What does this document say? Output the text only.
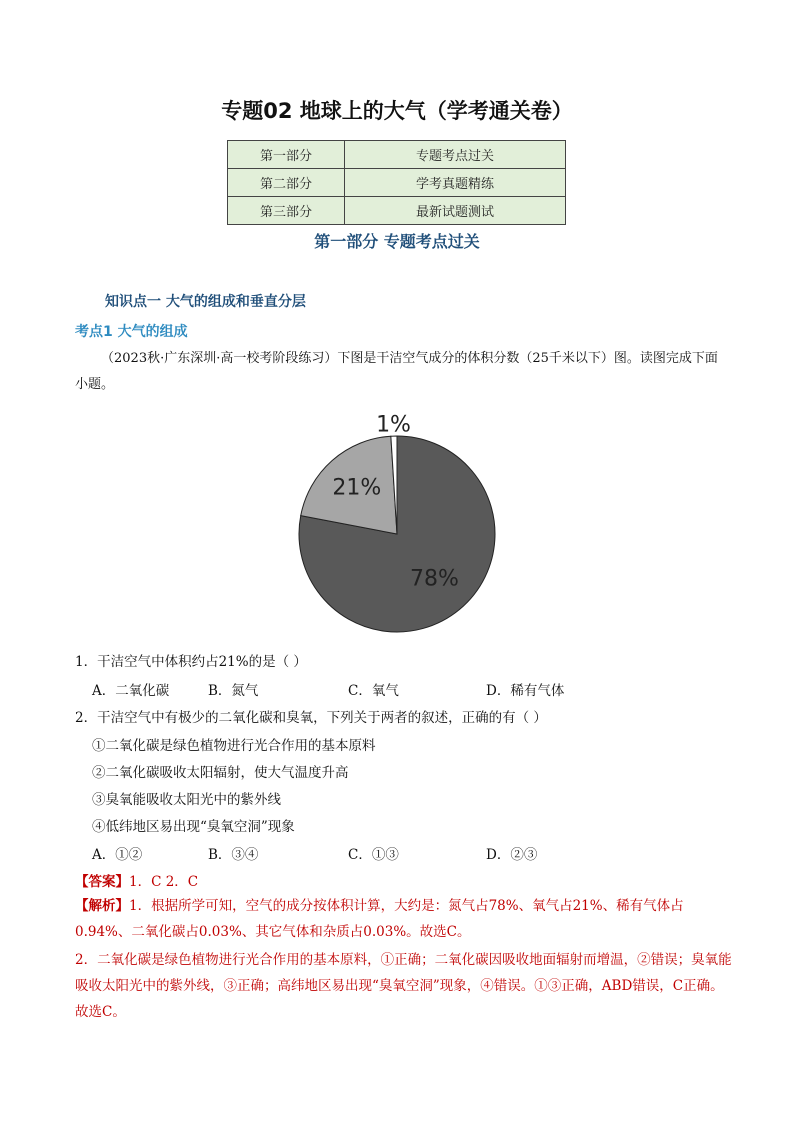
专题02 地球上的大气（学考通关卷）
第一部分	专题考点过关
第二部分	学考真题精练
第三部分	最新试题测试
第一部分 专题考点过关
知识点一 大气的组成和垂直分层
考点1 大气的组成
（2023秋·广东深圳·高一校考阶段练习）下图是干洁空气成分的体积分数（25千米以下）图。读图完成下面小题。
78%
21%
1%
1．干洁空气中体积约占21%的是（ ）
A．二氧化碳	B．氮气	C．氧气	D．稀有气体
2．干洁空气中有极少的二氧化碳和臭氧，下列关于两者的叙述，正确的有（ ）
①二氧化碳是绿色植物进行光合作用的基本原料
②二氧化碳吸收太阳辐射，使大气温度升高
③臭氧能吸收太阳光中的紫外线
④低纬地区易出现“臭氧空洞”现象
A．①②	B．③④	C．①③	D．②③
【答案】1．C 2．C
【解析】1．根据所学可知，空气的成分按体积计算，大约是：氮气占78%、氧气占21%、稀有气体占0.94%、二氧化碳占0.03%、其它气体和杂质占0.03%。故选C。
2．二氧化碳是绿色植物进行光合作用的基本原料，①正确；二氧化碳因吸收地面辐射而增温，②错误；臭氧能吸收太阳光中的紫外线，③正确；高纬地区易出现“臭氧空洞”现象，④错误。①③正确，ABD错误，C正确。故选C。
